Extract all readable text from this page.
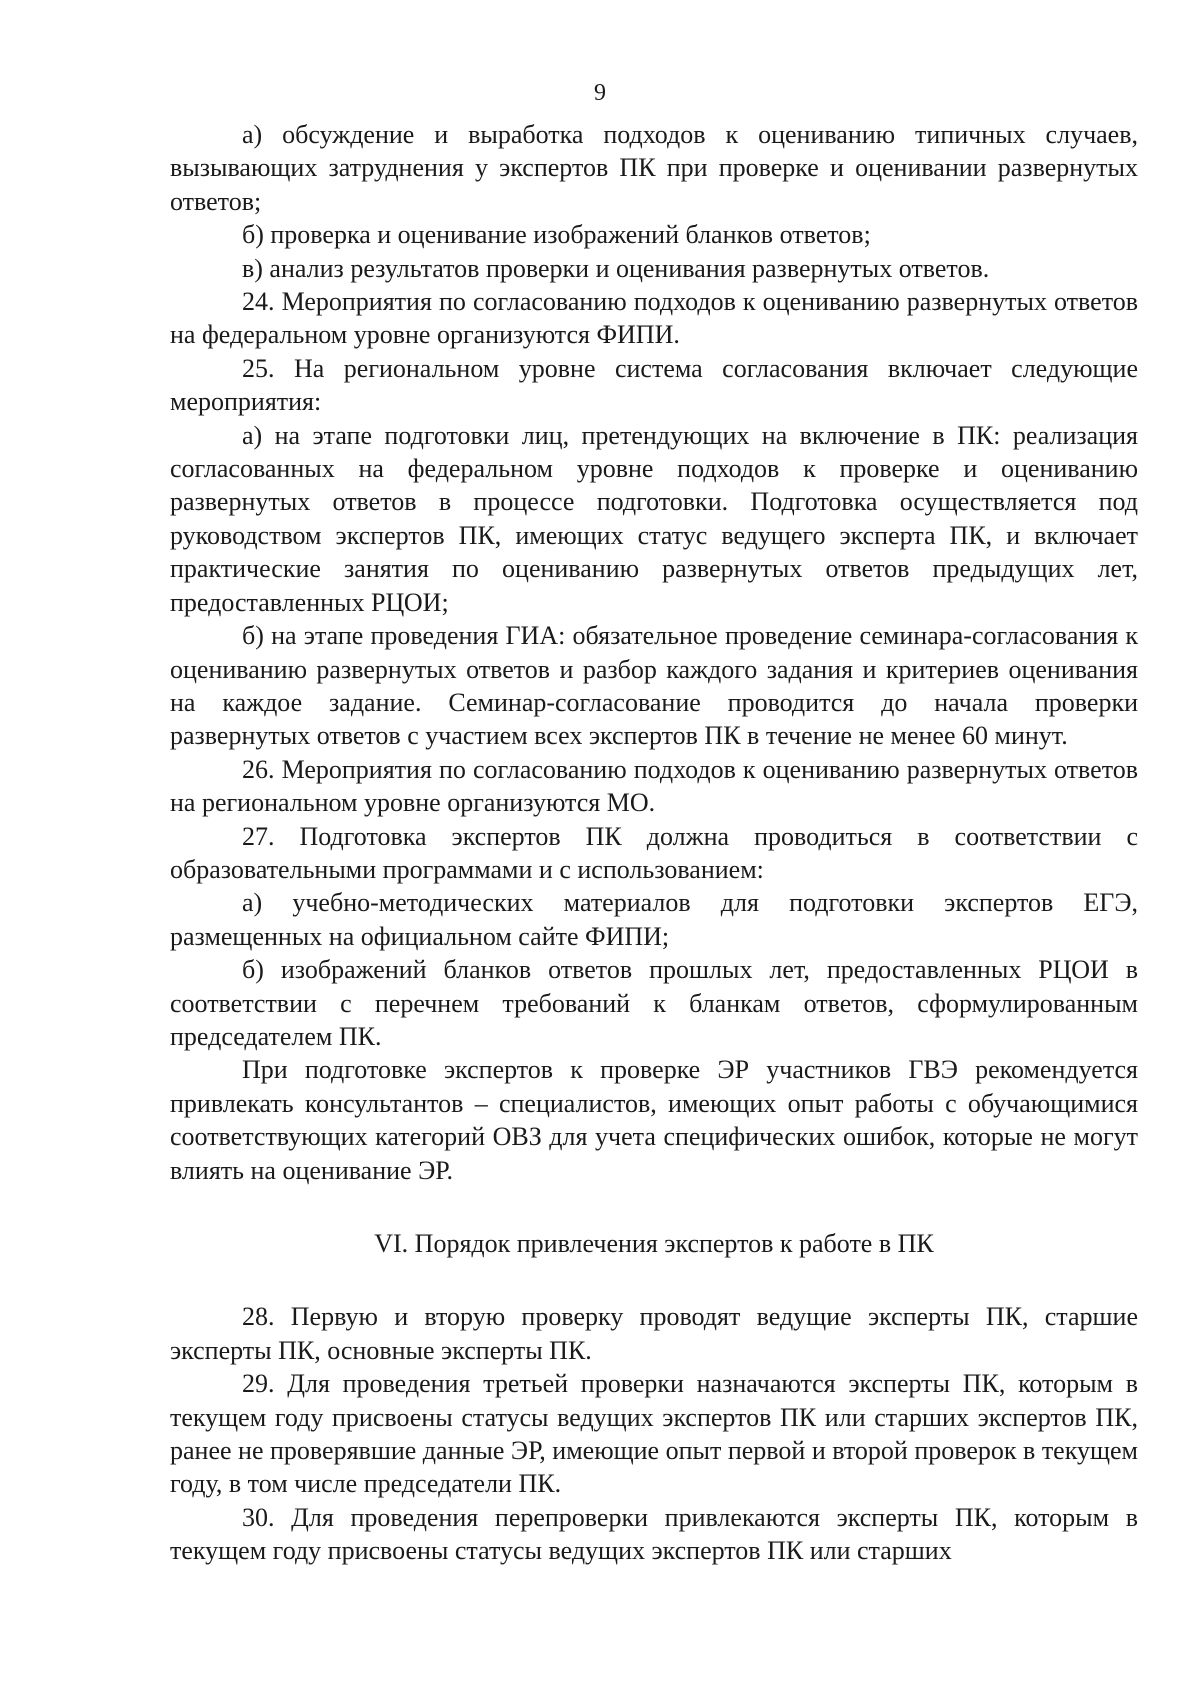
9

а) обсуждение и выработка подходов к оцениванию типичных случаев, вызывающих затруднения у экспертов ПК при проверке и оценивании развернутых ответов;

б) проверка и оценивание изображений бланков ответов;

в) анализ результатов проверки и оценивания развернутых ответов.

24. Мероприятия по согласованию подходов к оцениванию развернутых ответов на федеральном уровне организуются ФИПИ.

25. На региональном уровне система согласования включает следующие мероприятия:

а) на этапе подготовки лиц, претендующих на включение в ПК: реализация согласованных на федеральном уровне подходов к проверке и оцениванию развернутых ответов в процессе подготовки. Подготовка осуществляется под руководством экспертов ПК, имеющих статус ведущего эксперта ПК, и включает практические занятия по оцениванию развернутых ответов предыдущих лет, предоставленных РЦОИ;

б) на этапе проведения ГИА: обязательное проведение семинара-согласования к оцениванию развернутых ответов и разбор каждого задания и критериев оценивания на каждое задание. Семинар-согласование проводится до начала проверки развернутых ответов с участием всех экспертов ПК в течение не менее 60 минут.

26. Мероприятия по согласованию подходов к оцениванию развернутых ответов на региональном уровне организуются МО.

27. Подготовка экспертов ПК должна проводиться в соответствии с образовательными программами и с использованием:

а) учебно-методических материалов для подготовки экспертов ЕГЭ, размещенных на официальном сайте ФИПИ;

б) изображений бланков ответов прошлых лет, предоставленных РЦОИ в соответствии с перечнем требований к бланкам ответов, сформулированным председателем ПК.

При подготовке экспертов к проверке ЭР участников ГВЭ рекомендуется привлекать консультантов – специалистов, имеющих опыт работы с обучающимися соответствующих категорий ОВЗ для учета специфических ошибок, которые не могут влиять на оценивание ЭР.

VI. Порядок привлечения экспертов к работе в ПК

28. Первую и вторую проверку проводят ведущие эксперты ПК, старшие эксперты ПК, основные эксперты ПК.

29. Для проведения третьей проверки назначаются эксперты ПК, которым в текущем году присвоены статусы ведущих экспертов ПК или старших экспертов ПК, ранее не проверявшие данные ЭР, имеющие опыт первой и второй проверок в текущем году, в том числе председатели ПК.

30. Для проведения перепроверки привлекаются эксперты ПК, которым в текущем году присвоены статусы ведущих экспертов ПК или старших
